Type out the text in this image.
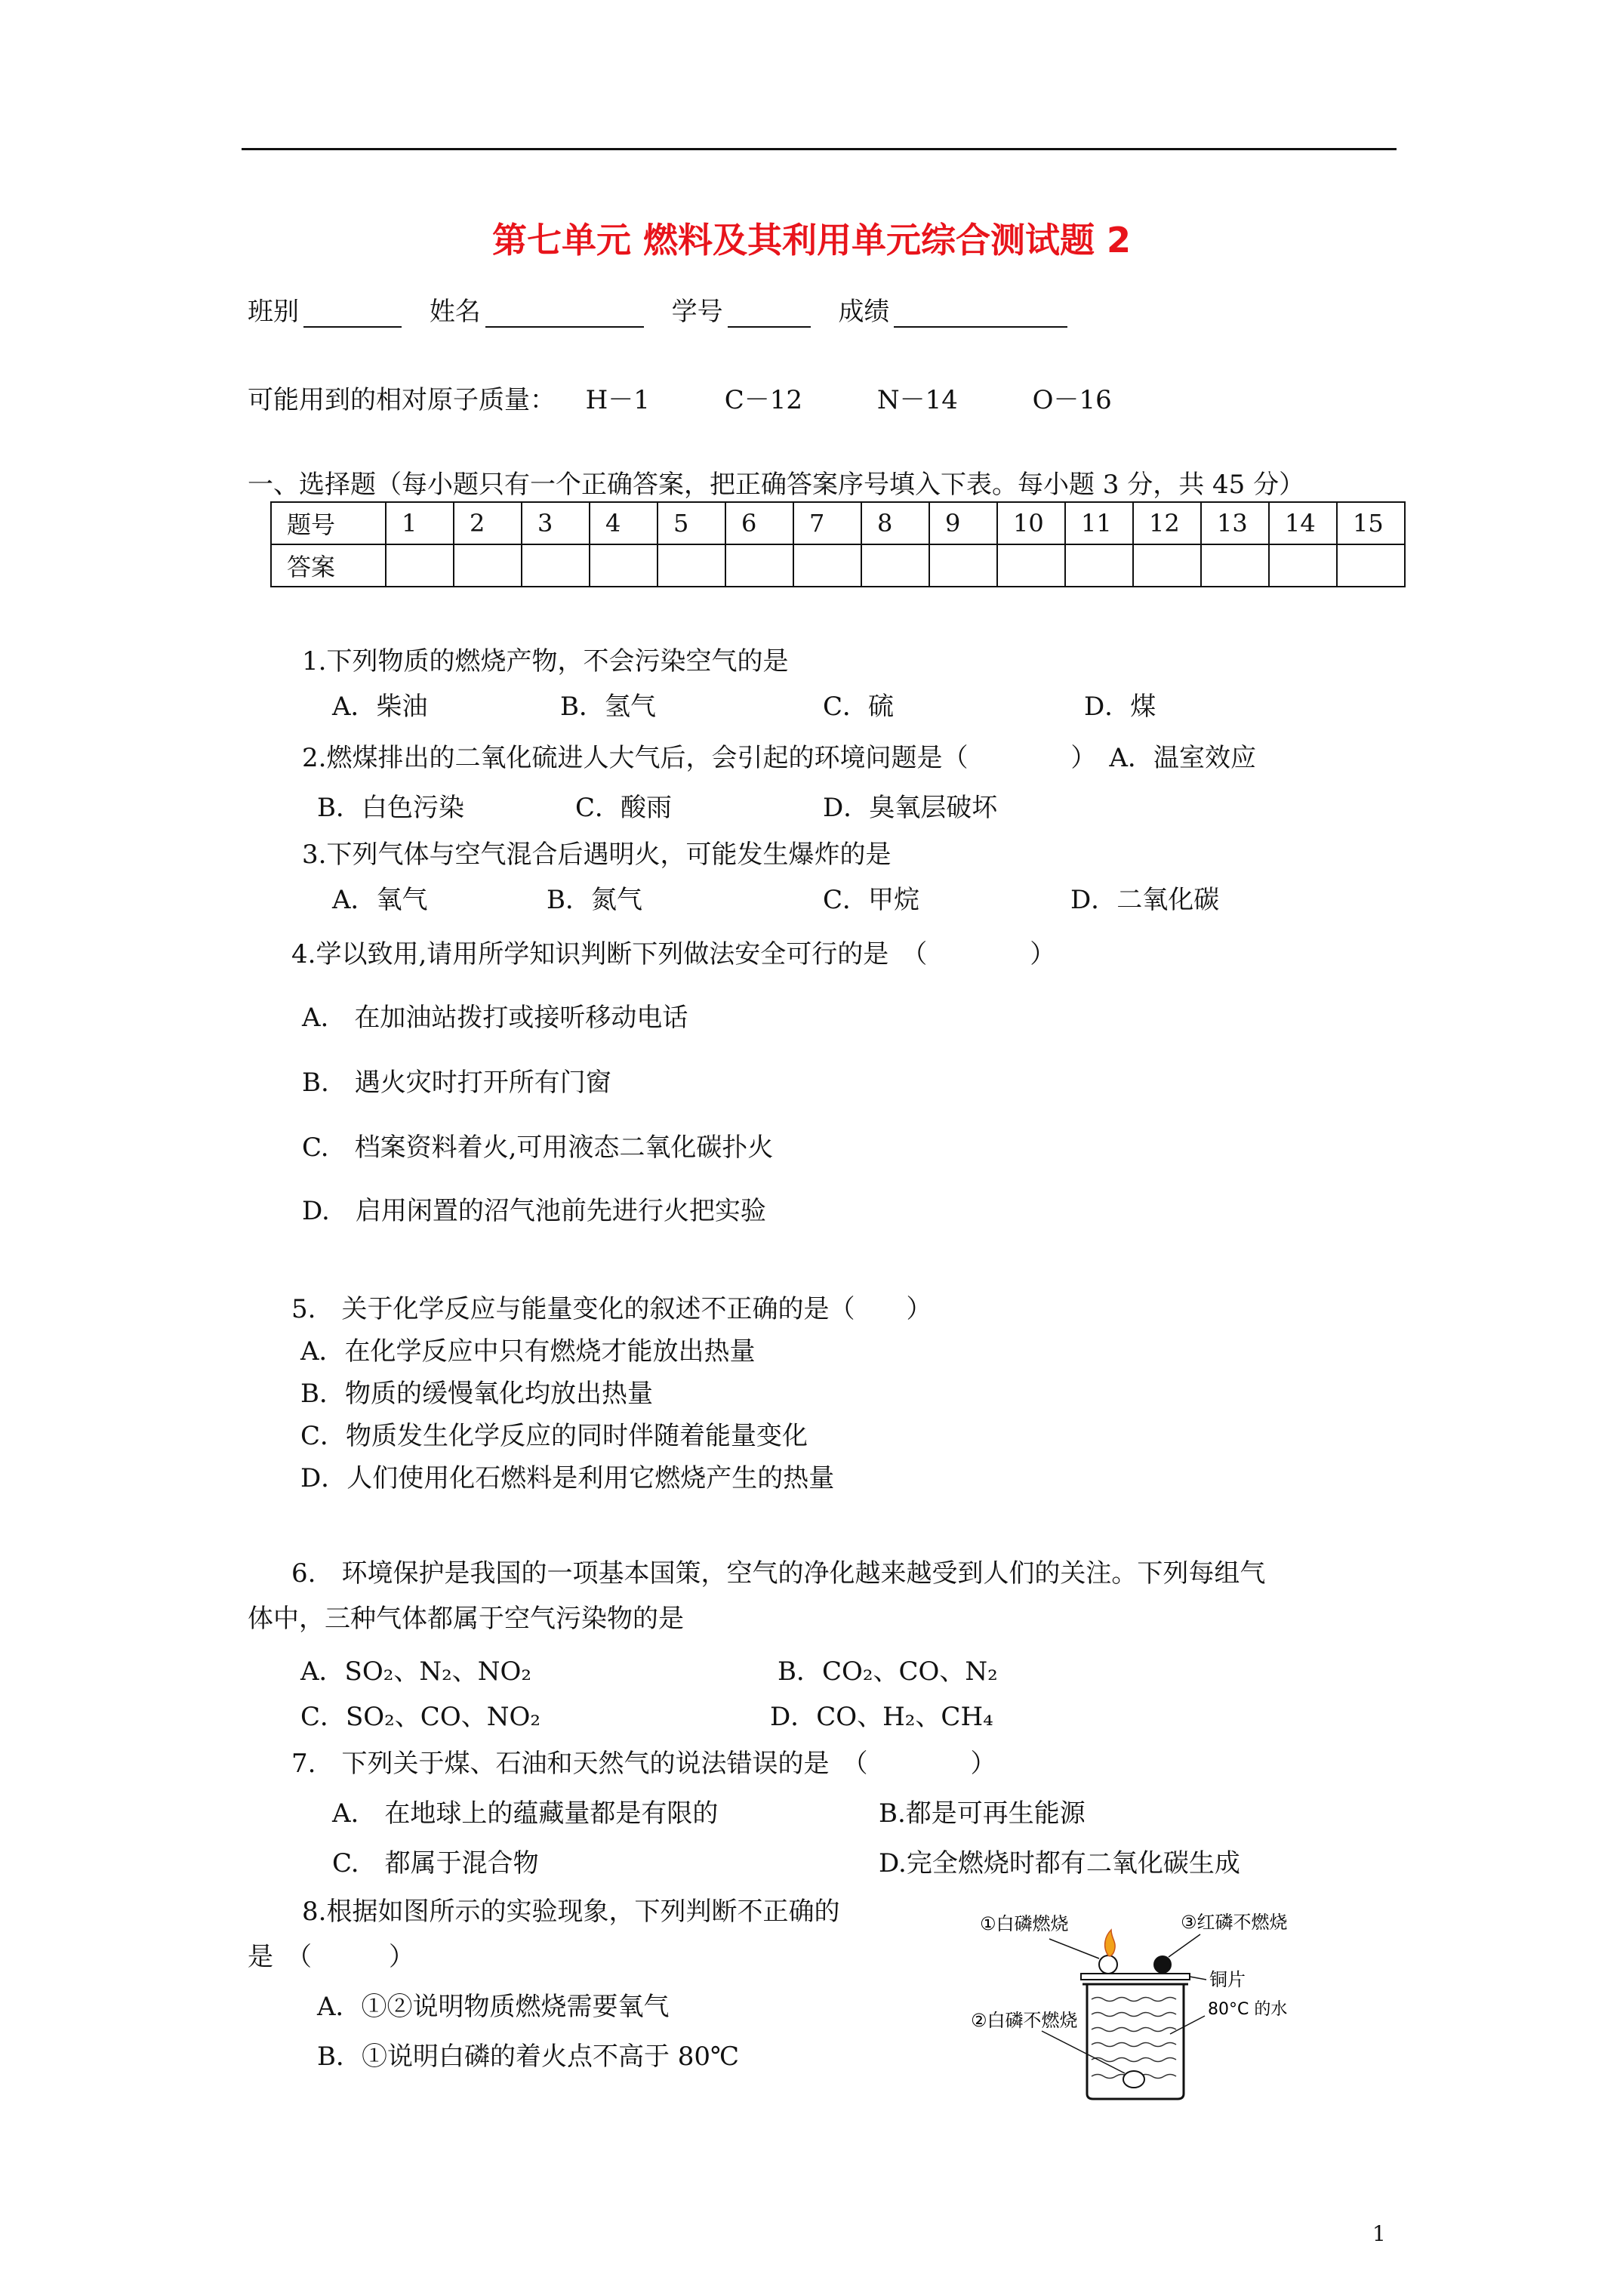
第七单元 燃料及其利用单元综合测试题 2
班别	姓名	学号	成绩
可能用到的相对原子质量： H－1	C－12	N－14	O－16
一、选择题（每小题只有一个正确答案，把正确答案序号填入下表。每小题 3 分，共 45 分）
题号	1	2	3	4	5	6	7	8	9	10	11	12	13	14	15
答案															
1.下列物质的燃烧产物，不会污染空气的是
A．柴油	B．氢气	C．硫	D．煤
2.燃煤排出的二氧化硫进人大气后，会引起的环境问题是（　　　　）　A．温室效应
B．白色污染	C．酸雨	D．臭氧层破坏
3.下列气体与空气混合后遇明火，可能发生爆炸的是
A．氧气	B．氮气	C．甲烷	D．二氧化碳
4.学以致用,请用所学知识判断下列做法安全可行的是　（　　　　）
A.　在加油站拨打或接听移动电话
B.　遇火灾时打开所有门窗
C.　档案资料着火,可用液态二氧化碳扑火
D.　启用闲置的沼气池前先进行火把实验
5.　关于化学反应与能量变化的叙述不正确的是（　　）
A．在化学反应中只有燃烧才能放出热量
B．物质的缓慢氧化均放出热量
C．物质发生化学反应的同时伴随着能量变化
D．人们使用化石燃料是利用它燃烧产生的热量
6.　环境保护是我国的一项基本国策，空气的净化越来越受到人们的关注。下列每组气
体中，三种气体都属于空气污染物的是
A．SO₂、N₂、NO₂	B．CO₂、CO、N₂
C．SO₂、CO、NO₂	D．CO、H₂、CH₄
7.　下列关于煤、石油和天然气的说法错误的是　（　　　　）
A.　在地球上的蕴藏量都是有限的	B.都是可再生能源
C.　都属于混合物	D.完全燃烧时都有二氧化碳生成
8.根据如图所示的实验现象，下列判断不正确的
是　（　　　）
A．①②说明物质燃烧需要氧气
B．①说明白磷的着火点不高于 80℃
①白磷燃烧	③红磷不燃烧
铜片
②白磷不燃烧
80°C 的水
1
